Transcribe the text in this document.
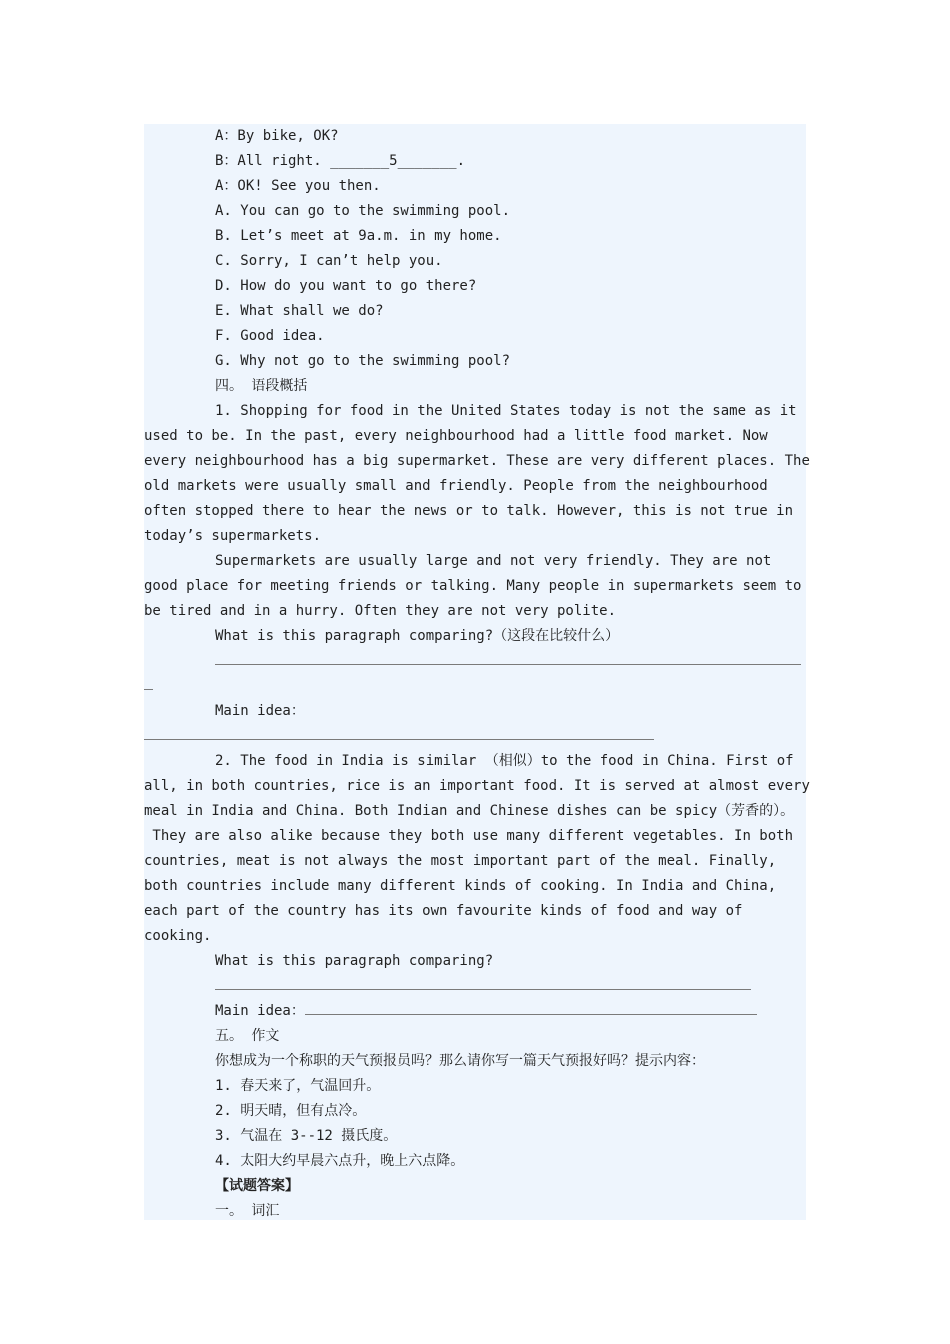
A：By bike, OK?
B：All right. _______5_______.
A：OK! See you then.
A. You can go to the swimming pool.
B. Let’s meet at 9a.m. in my home.
C. Sorry, I can’t help you.
D. How do you want to go there?
E. What shall we do?
F. Good idea.
G. Why not go to the swimming pool?
四。 语段概括
1. Shopping for food in the United States today is not the same as it
used to be. In the past, every neighbourhood had a little food market. Now
every neighbourhood has a big supermarket. These are very different places. The
old markets were usually small and friendly. People from the neighbourhood
often stopped there to hear the news or to talk. However, this is not true in
today’s supermarkets.
Supermarkets are usually large and not very friendly. They are not
good place for meeting friends or talking. Many people in supermarkets seem to
be tired and in a hurry. Often they are not very polite.
What is this paragraph comparing?（这段在比较什么）
Main idea：
2. The food in India is similar （相似）to the food in China. First of
all, in both countries, rice is an important food. It is served at almost every
meal in India and China. Both Indian and Chinese dishes can be spicy（芳香的）。
They are also alike because they both use many different vegetables. In both
countries, meat is not always the most important part of the meal. Finally,
both countries include many different kinds of cooking. In India and China,
each part of the country has its own favourite kinds of food and way of
cooking.
What is this paragraph comparing?
Main idea：
五。 作文
你想成为一个称职的天气预报员吗？那么请你写一篇天气预报好吗？提示内容：
1. 春天来了，气温回升。
2. 明天晴，但有点冷。
3. 气温在 3--12 摄氏度。
4. 太阳大约早晨六点升，晚上六点降。
【试题答案】
一。 词汇
